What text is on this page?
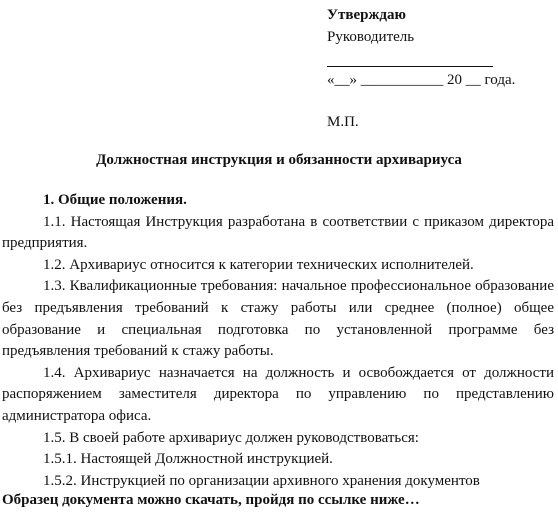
Утверждаю
Руководитель
«__» ___________ 20 __ года.
М.П.
Должностная инструкция и обязанности архивариуса

1. Общие положения.

1.1. Настоящая Инструкция разработана в соответствии с приказом директора предприятия.

1.2. Архивариус относится к категории технических исполнителей.

1.3. Квалификационные требования: начальное профессиональное образование без предъявления требований к стажу работы или среднее (полное) общее образование и специальная подготовка по установленной программе без предъявления требований к стажу работы.

1.4. Архивариус назначается на должность и освобождается от должности распоряжением заместителя директора по управлению по представлению администратора офиса.

1.5. В своей работе архивариус должен руководствоваться:

1.5.1. Настоящей Должностной инструкцией.

1.5.2. Инструкцией по организации архивного хранения документов

Образец документа можно скачать, пройдя по ссылке ниже…
